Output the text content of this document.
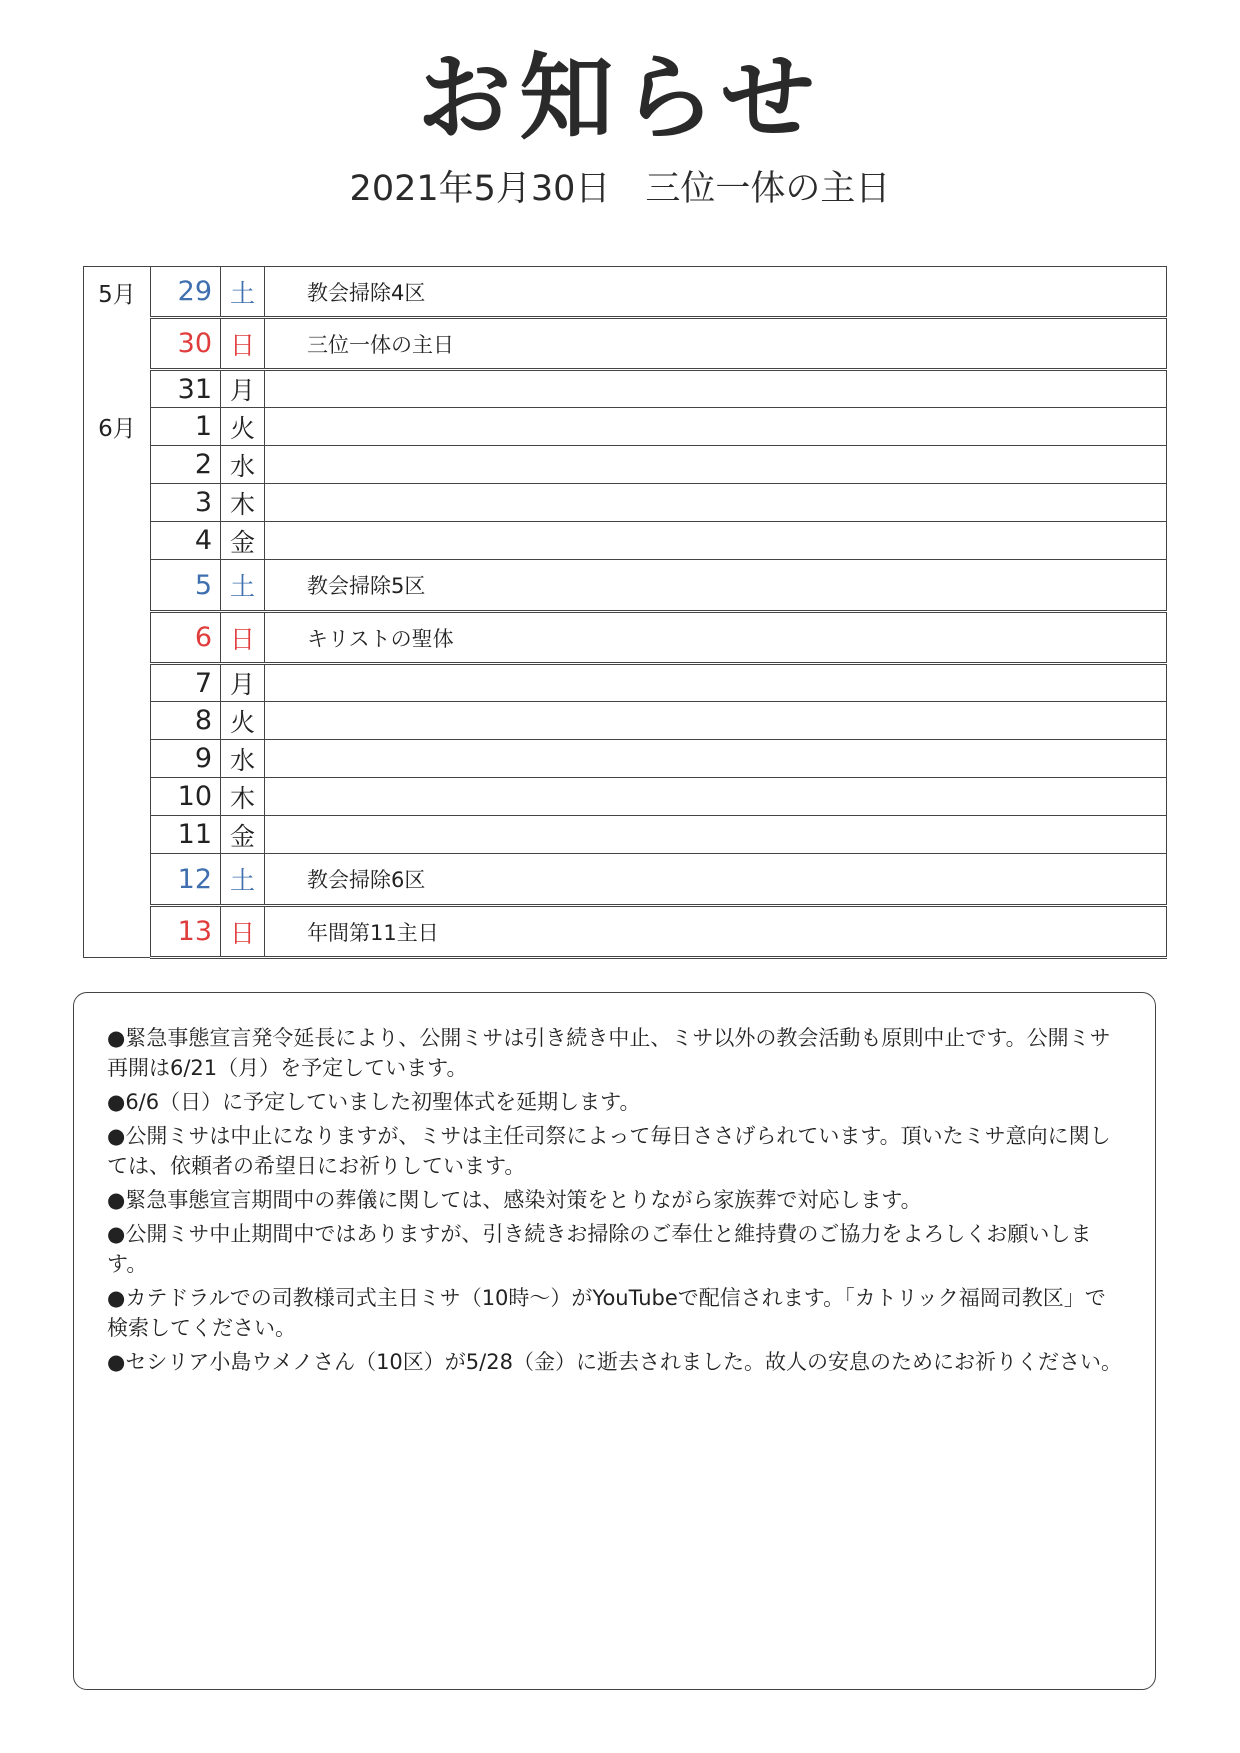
お知らせ
2021年5月30日　三位一体の主日
5月	29	土	教会掃除4区
	30	日	三位一体の主日
	31	月	
6月	1	火	
	2	水	
	3	木	
	4	金	
	5	土	教会掃除5区
	6	日	キリストの聖体
	7	月	
	8	火	
	9	水	
	10	木	
	11	金	
	12	土	教会掃除6区
	13	日	年間第11主日
●緊急事態宣言発令延長により、公開ミサは引き続き中止、ミサ以外の教会活動も原則中止です。公開ミサ再開は6/21（月）を予定しています。
●6/6（日）に予定していました初聖体式を延期します。
●公開ミサは中止になりますが、ミサは主任司祭によって毎日ささげられています。頂いたミサ意向に関しては、依頼者の希望日にお祈りしています。
●緊急事態宣言期間中の葬儀に関しては、感染対策をとりながら家族葬で対応します。
●公開ミサ中止期間中ではありますが、引き続きお掃除のご奉仕と維持費のご協力をよろしくお願いします。
●カテドラルでの司教様司式主日ミサ（10時～）がYouTubeで配信されます。「カトリック福岡司教区」で検索してください。
●セシリア小島ウメノさん（10区）が5/28（金）に逝去されました。故人の安息のためにお祈りください。
